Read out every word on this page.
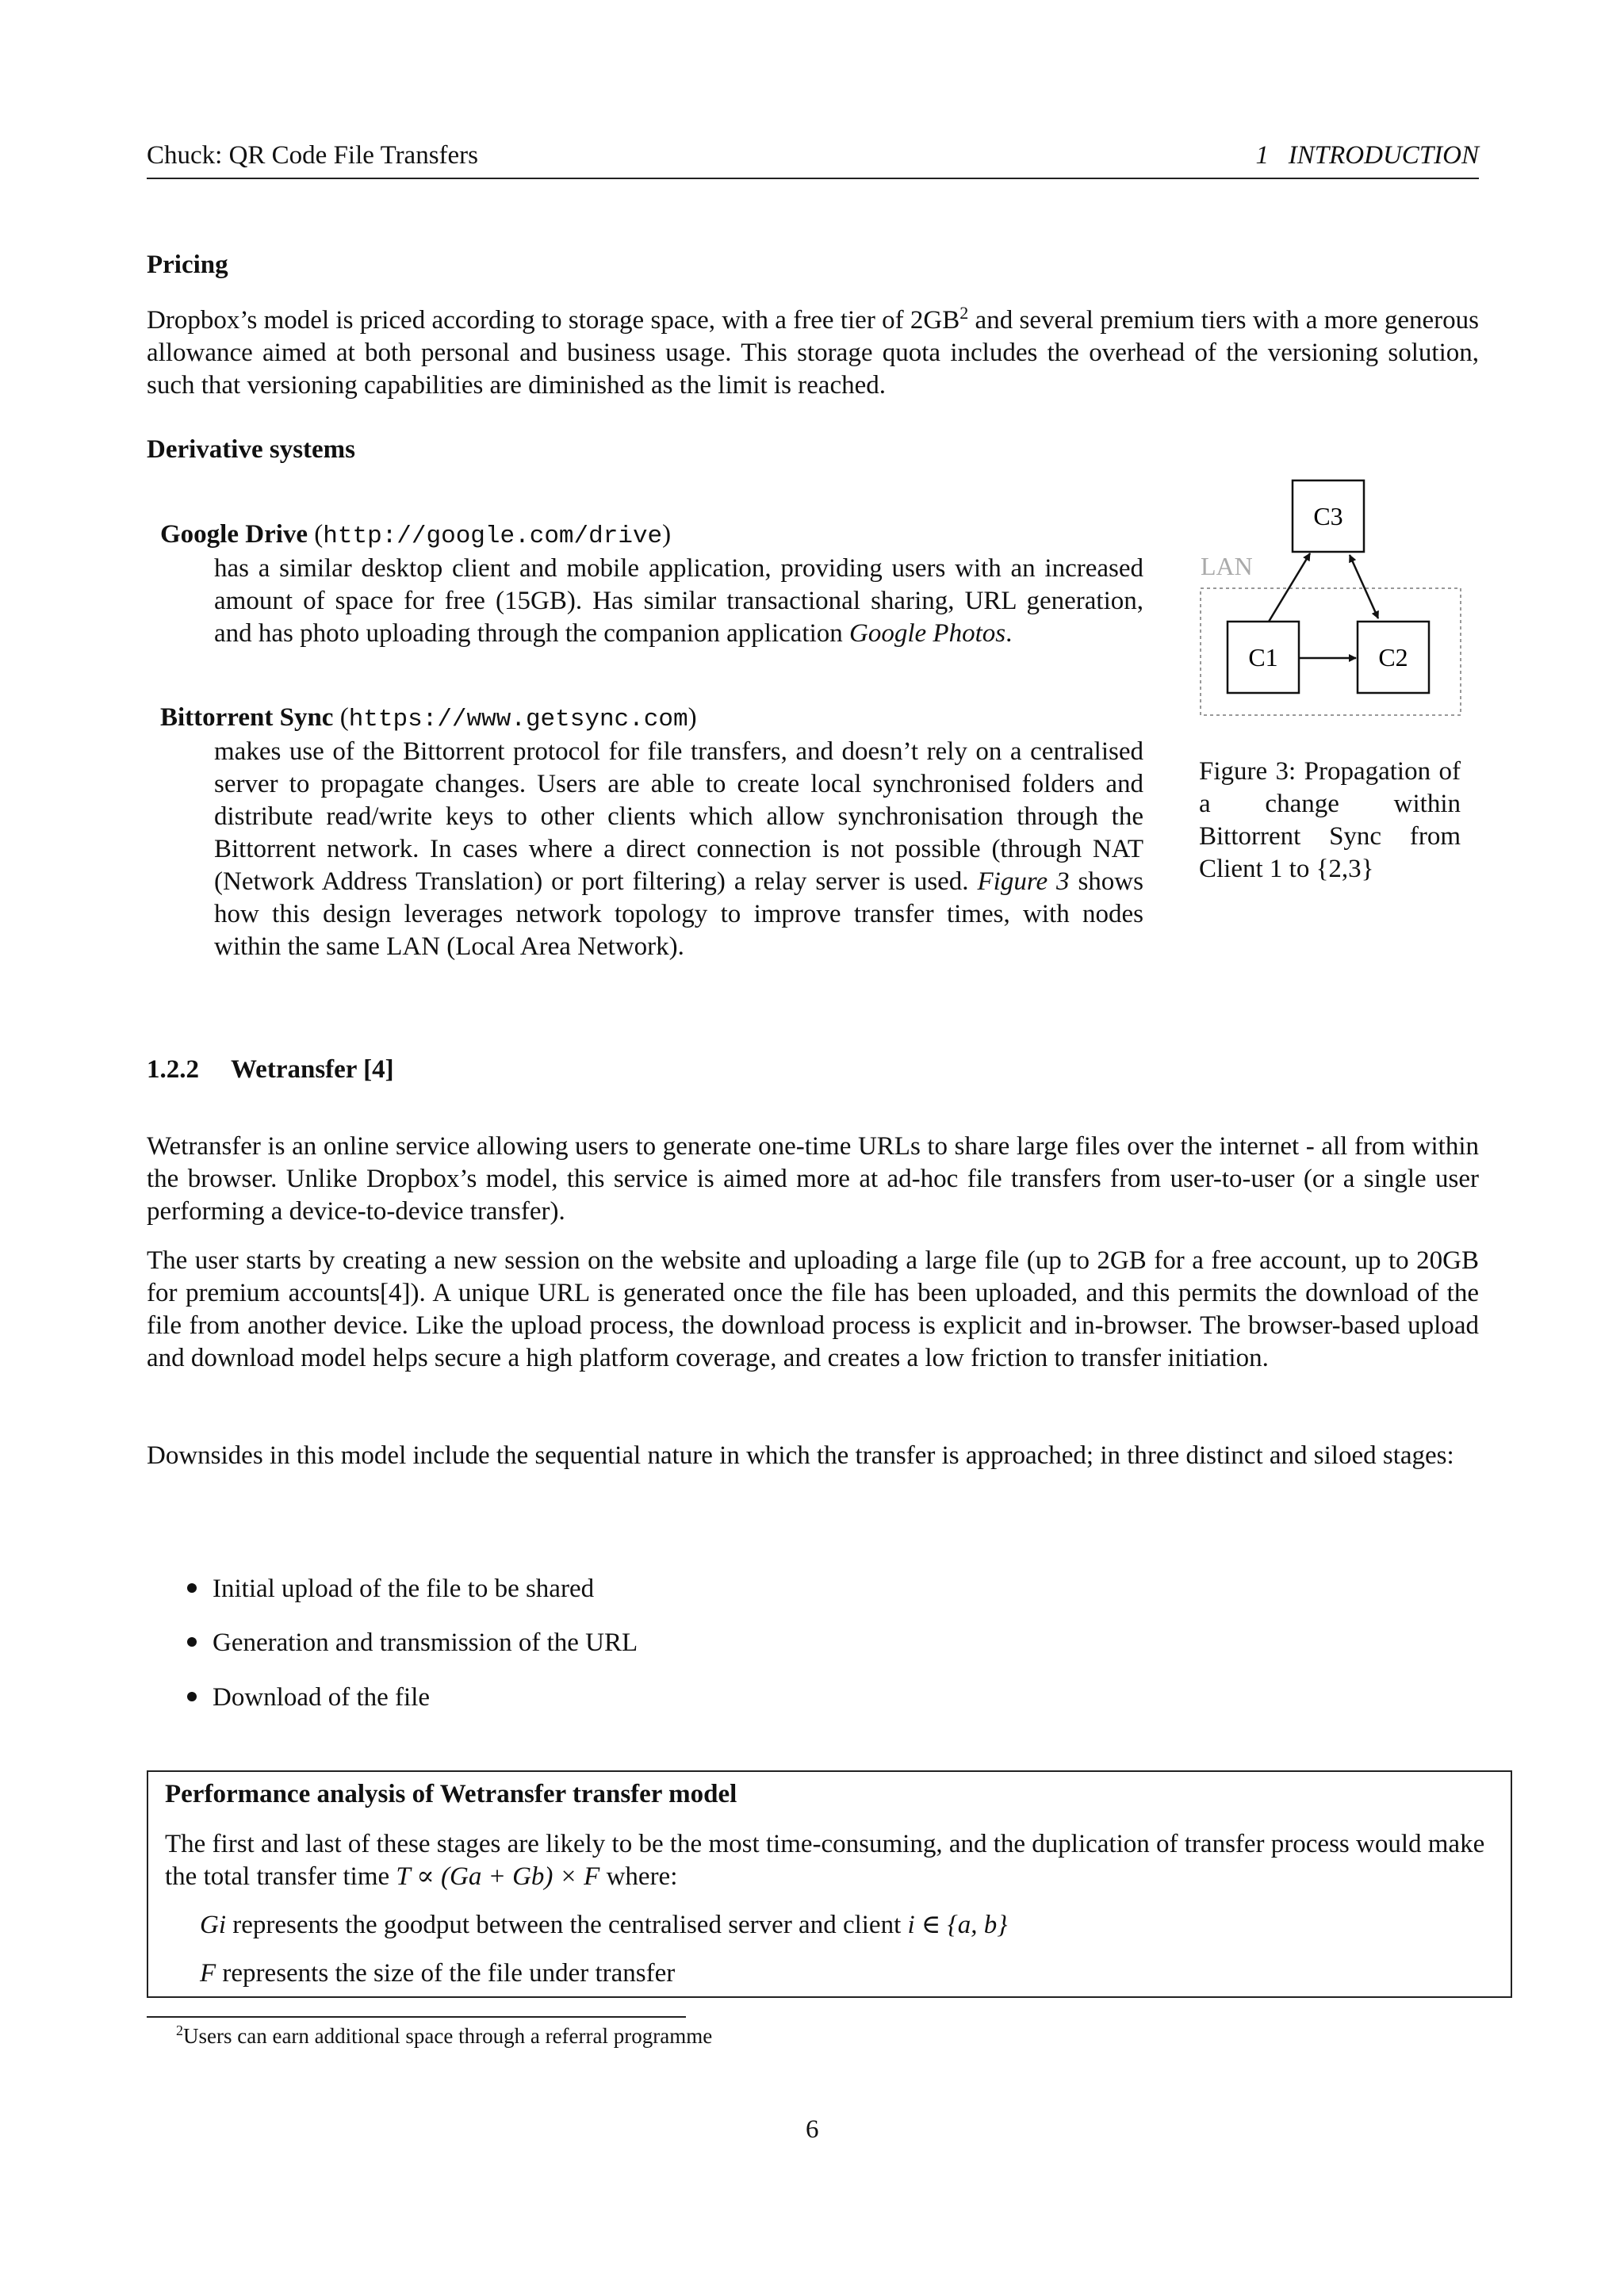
Chuck: QR Code File Transfers	1   INTRODUCTION
Pricing

Dropbox’s model is priced according to storage space, with a free tier of $2GB^2$ and several premium tiers with a more generous allowance aimed at both personal and business usage. This storage quota includes the overhead of the versioning solution, such that versioning capabilities are diminished as the limit is reached.

Derivative systems
Google Drive (http://google.com/drive)

has a similar desktop client and mobile application, providing users with an increased amount of space for free (15GB). Has similar transactional sharing, URL generation, and has photo uploading through the companion application Google Photos.

Bittorrent Sync (https://www.getsync.com)

makes use of the Bittorrent protocol for file transfers, and doesn’t rely on a centralised server to propagate changes. Users are able to create local synchronised folders and distribute read/write keys to other clients which allow synchronisation through the Bittorrent network. In cases where a direct connection is not possible (through NAT (Network Address Translation) or port filtering) a relay server is used. Figure 3 shows how this design leverages network topology to improve transfer times, with nodes within the same LAN (Local Area Network).

LAN
C3
C1	C2

Figure 3: Propagation of a change within Bittorrent Sync from Client 1 to {2,3}

1.2.2 Wetransfer [4]

Wetransfer is an online service allowing users to generate one-time URLs to share large files over the internet - all from within the browser. Unlike Dropbox’s model, this service is aimed more at ad-hoc file transfers from user-to-user (or a single user performing a device-to-device transfer).

The user starts by creating a new session on the website and uploading a large file (up to 2GB for a free account, up to 20GB for premium accounts[4]). A unique URL is generated once the file has been uploaded, and this permits the download of the file from another device. Like the upload process, the download process is explicit and in-browser. The browser-based upload and download model helps secure a high platform coverage, and creates a low friction to transfer initiation.

Downsides in this model include the sequential nature in which the transfer is approached; in three distinct and siloed stages:

Initial upload of the file to be shared
Generation and transmission of the URL
Download of the file
Performance analysis of Wetransfer transfer model

The first and last of these stages are likely to be the most time-consuming, and the duplication of transfer process would make the total transfer time T ∝ (Ga + Gb) × F where:

Gi represents the goodput between the centralised server and client i ∈ {a, b}

F represents the size of the file under transfer

$^2$Users can earn additional space through a referral programme
6
